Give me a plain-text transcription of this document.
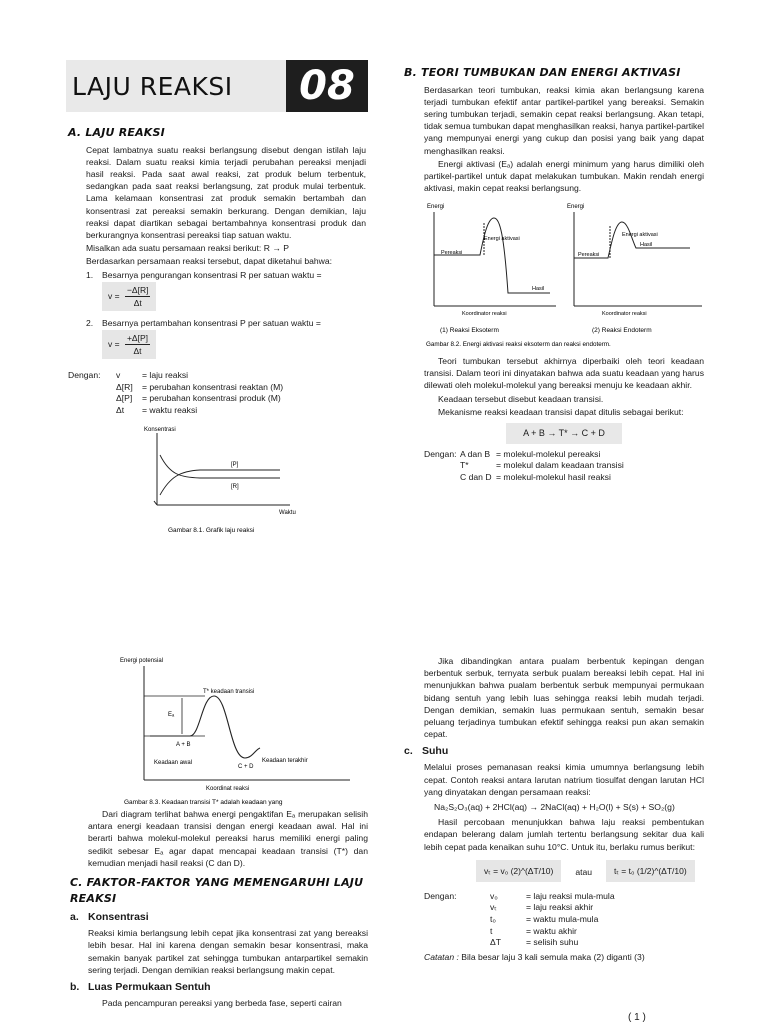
LAJU REAKSI	08
A. LAJU REAKSI

Cepat lambatnya suatu reaksi berlangsung disebut dengan istilah laju reaksi. Dalam suatu reaksi kimia terjadi perubahan pereaksi menjadi hasil reaksi. Pada saat awal reaksi, zat produk belum terbentuk, sedangkan pada saat reaksi berlangsung, zat produk mulai terbentuk. Lama kelamaan konsentrasi zat produk semakin bertambah dan konsentrasi zat pereaksi semakin berkurang. Dengan demikian, laju reaksi dapat diartikan sebagai bertambahnya konsentrasi produk dan berkurangnya konsentrasi pereaksi tiap satuan waktu.

Misalkan ada suatu persamaan reaksi berikut: R → P

Berdasarkan persamaan reaksi tersebut, dapat diketahui bahwa:

1.	Besarnya pengurangan konsentrasi R per satuan waktu =
$v = \frac{-\Delta[R]}{\Delta t}$
2.	Besarnya pertambahan konsentrasi P per satuan waktu =
$v = \frac{+\Delta[P]}{\Delta t}$
Dengan:	v	= laju reaksi
Δ[R]	= perubahan konsentrasi reaktan (M)
Δ[P]	= perubahan konsentrasi produk (M)
Δt	= waktu reaksi
Konsentrasi
[P]
[R]
Waktu
Gambar 8.1. Grafik laju reaksi
B. TEORI TUMBUKAN DAN ENERGI AKTIVASI

Berdasarkan teori tumbukan, reaksi kimia akan berlangsung karena terjadi tumbukan efektif antar partikel-partikel yang bereaksi. Semakin sering tumbukan terjadi, semakin cepat reaksi berlangsung. Akan tetapi, tidak semua tumbukan dapat menghasilkan reaksi, hanya partikel-partikel yang mempunyai energi yang cukup dan posisi yang baik yang dapat menghasilkan reaksi.

Energi aktivasi (Eₐ) adalah energi minimum yang harus dimiliki oleh partikel-partikel untuk dapat melakukan tumbukan. Makin rendah energi aktivasi, makin cepat reaksi berlangsung.

Energi
Energi aktivasi
Pereaksi
Hasil
Koordinator reaksi
(1) Reaksi Eksoterm
Energi
Energi aktivasi
Pereaksi
Hasil
Koordinator reaksi
(2) Reaksi Endoterm
Gambar 8.2. Energi aktivasi reaksi eksoterm dan reaksi endoterm.

Teori tumbukan tersebut akhirnya diperbaiki oleh teori keadaan transisi. Dalam teori ini dinyatakan bahwa ada suatu keadaan yang harus dilewati oleh molekul-molekul yang bereaksi menuju ke keadaan akhir.

Keadaan tersebut disebut keadaan transisi.

Mekanisme reaksi keadaan transisi dapat ditulis sebagai berikut:

A + B → T* → C + D
Dengan: A dan B = molekul-molekul pereaksi
T*	= molekul dalam keadaan transisi
C dan D = molekul-molekul hasil reaksi
Energi potensial
T* keadaan transisi
Eₐ
A + B
Keadaan awal
C + D
Keadaan terakhir
Koordinat reaksi
Gambar 8.3. Keadaan transisi T* adalah keadaan yang

Dari diagram terlihat bahwa energi pengaktifan Eₐ merupakan selisih antara energi keadaan transisi dengan energi keadaan awal. Hal ini berarti bahwa molekul-molekul pereaksi harus memiliki energi paling sedikit sebesar Eₐ agar dapat mencapai keadaan transisi (T*) dan kemudian menjadi hasil reaksi (C dan D).

C. FAKTOR-FAKTOR YANG MEMENGARUHI LAJU REAKSI
a. Konsentrasi

Reaksi kimia berlangsung lebih cepat jika konsentrasi zat yang bereaksi lebih besar. Hal ini karena dengan semakin besar konsentrasi, maka semakin banyak partikel zat sehingga tumbukan antarpartikel semakin sering terjadi. Dengan demikian reaksi berlangsung makin cepat.

b. Luas Permukaan Sentuh

Pada pencampuran pereaksi yang berbeda fase, seperti cairan

Jika dibandingkan antara pualam berbentuk kepingan dengan berbentuk serbuk, ternyata serbuk pualam bereaksi lebih cepat. Hal ini menunjukkan bahwa pualam berbentuk serbuk mempunyai permukaan bidang sentuh yang lebih luas sehingga reaksi lebih mudah terjadi. Dengan demikian, semakin luas permukaan sentuh, semakin besar peluang terjadinya tumbukan efektif sehingga reaksi pun akan semakin cepat.

c. Suhu

Melalui proses pemanasan reaksi kimia umumnya berlangsung lebih cepat. Contoh reaksi antara larutan natrium tiosulfat dengan larutan HCl yang dinyatakan dengan persamaan reaksi:

Na₂S₂O₃(aq) + 2HCl(aq) → 2NaCl(aq) + H₂O(l) + S(s) + SO₂(g)

Hasil percobaan menunjukkan bahwa laju reaksi pembentukan endapan belerang dalam jumlah tertentu berlangsung sekitar dua kali lebih cepat pada kenaikan suhu 10°C. Untuk itu, berlaku rumus berikut:

vₜ = v₀ (2)^(ΔT/10)	atau	tₜ = t₀ (1/2)^(ΔT/10)
Dengan:	v₀	= laju reaksi mula-mula
vₜ	= laju reaksi akhir
t₀	= waktu mula-mula
t	= waktu akhir
ΔT	= selisih suhu

Catatan : Bila besar laju 3 kali semula maka (2) diganti (3)

( 1 )
